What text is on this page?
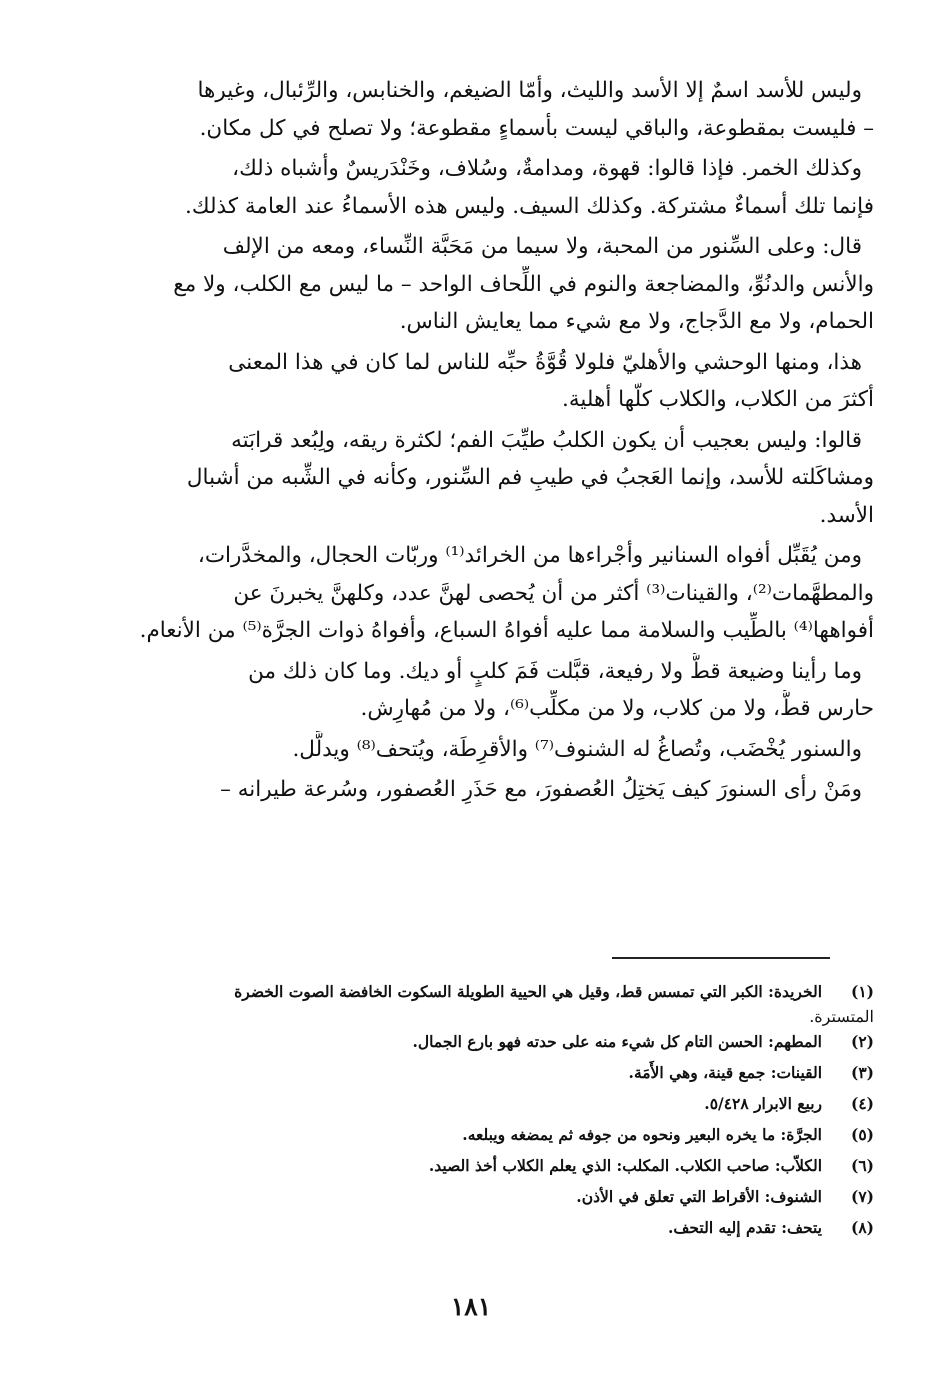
وليس للأسد اسمٌ إلا الأسد والليث، وأمّا الضيغم، والخنابس، والرِّئبال، وغيرها
– فليست بمقطوعة، والباقي ليست بأسماءٍ مقطوعة؛ ولا تصلح في كل مكان.

وكذلك الخمر. فإذا قالوا: قهوة، ومدامةٌ، وسُلاف، وخَنْدَريسٌ وأشباه ذلك،
فإنما تلك أسماءٌ مشتركة. وكذلك السيف. وليس هذه الأسماءُ عند العامة كذلك.

قال: وعلى السِّنور من المحبة، ولا سيما من مَحَبَّة النِّساء، ومعه من الإلف
والأنس والدنُوِّ، والمضاجعة والنوم في اللِّحاف الواحد – ما ليس مع الكلب، ولا مع
الحمام، ولا مع الدَّجاج، ولا مع شيء مما يعايش الناس.

هذا، ومنها الوحشي والأهليّ فلولا قُوَّةُ حبِّه للناس لما كان في هذا المعنى
أكثرَ من الكلاب، والكلاب كلّها أهلية.

قالوا: وليس بعجيب أن يكون الكلبُ طيِّبَ الفم؛ لكثرة ريقه، ولِبُعد قرابَته
ومشاكَلته للأسد، وإنما العَجبُ في طيبِ فم السِّنور، وكأنه في الشِّبه من أشبال
الأسد.

ومن يُقَبِّل أفواه السنانير وأجْراءها من الخرائد⁽¹⁾ وربّات الحجال، والمخدَّرات،
والمطهَّمات⁽²⁾، والقينات⁽³⁾ أكثر من أن يُحصى لهنَّ عدد، وكلهنَّ يخبرنَ عن
أفواهها⁽⁴⁾ بالطِّيب والسلامة مما عليه أفواهُ السباع، وأفواهُ ذوات الجرَّة⁽⁵⁾ من الأنعام.

وما رأينا وضيعة قطُّ ولا رفيعة، قبَّلت فَمَ كلبٍ أو ديك. وما كان ذلك من
حارس قطُّ، ولا من كلاب، ولا من مكلِّب⁽⁶⁾، ولا من مُهارِش.

والسنور يُخْضَب، وتُصاغُ له الشنوف⁽⁷⁾ والأقرِطَة، ويُتحف⁽⁸⁾ ويدلَّل.

ومَنْ رأى السنورَ كيف يَختِلُ العُصفورَ، مع حَذَرِ العُصفور، وسُرعة طيرانه –

(١)
الخريدة: الكبر التي تمسس قط، وقيل هي الحيية الطويلة السكوت الخافضة الصوت الخضرة
المتسترة.
(٢)
المطهم: الحسن التام كل شيء منه على حدته فهو بارع الجمال.
(٣)
القينات: جمع قينة، وهي الأَمَة.
(٤)
ربيع الابرار ٥/٤٢٨.
(٥)
الجرَّة: ما يخره البعير ونحوه من جوفه ثم يمضغه ويبلعه.
(٦)
الكلاّب: صاحب الكلاب. المكلب: الذي يعلم الكلاب أخذ الصيد.
(٧)
الشنوف: الأقراط التي تعلق في الأذن.
(٨)
يتحف: تقدم إليه التحف.
١٨١
